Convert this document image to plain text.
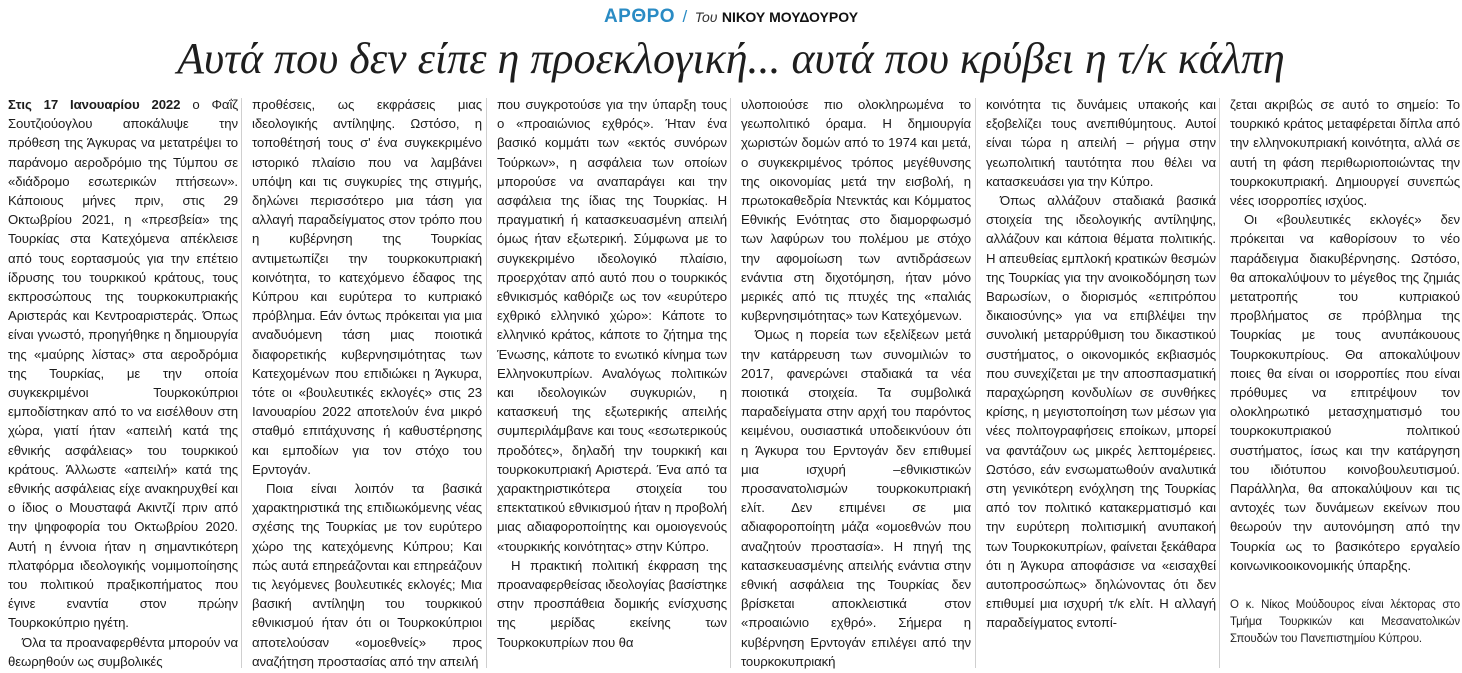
ΑΡΘΡΟ / Του ΝΙΚΟΥ ΜΟΥΔΟΥΡΟΥ
Αυτά που δεν είπε η προεκλογική... αυτά που κρύβει η τ/κ κάλπη

Στις 17 Ιανουαρίου 2022 ο Φαΐζ Σουτζιούογλου αποκάλυψε την πρόθεση της Άγκυρας να μετατρέψει το παράνομο αεροδρόμιο της Τύμπου σε «διάδρομο εσωτερικών πτήσεων». Κάποιους μήνες πριν, στις 29 Οκτωβρίου 2021, η «πρεσβεία» της Τουρκίας στα Κατεχόμενα απέκλεισε από τους εορτασμούς για την επέτειο ίδρυσης του τουρκικού κράτους, τους εκπροσώπους της τουρκοκυπριακής Αριστεράς και Κεντροαριστεράς. Όπως είναι γνωστό, προηγήθηκε η δημιουργία της «μαύρης λίστας» στα αεροδρόμια της Τουρκίας, με την οποία συγκεκριμένοι Τουρκοκύπριοι εμποδίστηκαν από το να εισέλθουν στη χώρα, γιατί ήταν «απειλή κατά της εθνικής ασφάλειας» του τουρκικού κράτους. Άλλωστε «απειλή» κατά της εθνικής ασφάλειας είχε ανακηρυχθεί και ο ίδιος ο Μουσταφά Ακιντζί πριν από την ψηφοφορία του Οκτωβρίου 2020. Αυτή η έννοια ήταν η σημαντικότερη πλατφόρμα ιδεολογικής νομιμοποίησης του πολιτικού πραξικοπήματος που έγινε εναντία στον πρώην Τουρκοκύπριο ηγέτη.

Όλα τα προαναφερθέντα μπορούν να θεωρηθούν ως συμβολικές

προθέσεις, ως εκφράσεις μιας ιδεολογικής αντίληψης. Ωστόσο, η τοποθέτησή τους σ' ένα συγκεκριμένο ιστορικό πλαίσιο που να λαμβάνει υπόψη και τις συγκυρίες της στιγμής, δηλώνει περισσότερο μια τάση για αλλαγή παραδείγματος στον τρόπο που η κυβέρνηση της Τουρκίας αντιμετωπίζει την τουρκοκυπριακή κοινότητα, το κατεχόμενο έδαφος της Κύπρου και ευρύτερα το κυπριακό πρόβλημα. Εάν όντως πρόκειται για μια αναδυόμενη τάση μιας ποιοτικά διαφορετικής κυβερνησιμότητας των Κατεχομένων που επιδιώκει η Άγκυρα, τότε οι «βουλευτικές εκλογές» στις 23 Ιανουαρίου 2022 αποτελούν ένα μικρό σταθμό επιτάχυνσης ή καθυστέρησης και εμποδίων για τον στόχο του Ερντογάν.

Ποια είναι λοιπόν τα βασικά χαρακτηριστικά της επιδιωκόμενης νέας σχέσης της Τουρκίας με τον ευρύτερο χώρο της κατεχόμενης Κύπρου; Και πώς αυτά επηρεάζονται και επηρεάζουν τις λεγόμενες βουλευτικές εκλογές; Μια βασική αντίληψη του τουρκικού εθνικισμού ήταν ότι οι Τουρκοκύπριοι αποτελούσαν «ομοεθνείς» προς αναζήτηση προστασίας από την απειλή

που συγκροτούσε για την ύπαρξη τους ο «προαιώνιος εχθρός». Ήταν ένα βασικό κομμάτι των «εκτός συνόρων Τούρκων», η ασφάλεια των οποίων μπορούσε να αναπαράγει και την ασφάλεια της ίδιας της Τουρκίας. Η πραγματική ή κατασκευασμένη απειλή όμως ήταν εξωτερική. Σύμφωνα με το συγκεκριμένο ιδεολογικό πλαίσιο, προερχόταν από αυτό που ο τουρκικός εθνικισμός καθόριζε ως τον «ευρύτερο εχθρικό ελληνικό χώρο»: Κάποτε το ελληνικό κράτος, κάποτε το ζήτημα της Ένωσης, κάποτε το ενωτικό κίνημα των Ελληνοκυπρίων. Αναλόγως πολιτικών και ιδεολογικών συγκυριών, η κατασκευή της εξωτερικής απειλής συμπεριλάμβανε και τους «εσωτερικούς προδότες», δηλαδή την τουρκική και τουρκοκυπριακή Αριστερά. Ένα από τα χαρακτηριστικότερα στοιχεία του επεκτατικού εθνικισμού ήταν η προβολή μιας αδιαφοροποίητης και ομοιογενούς «τουρκικής κοινότητας» στην Κύπρο.

Η πρακτική πολιτική έκφραση της προαναφερθείσας ιδεολογίας βασίστηκε στην προσπάθεια δομικής ενίσχυσης της μερίδας εκείνης των Τουρκοκυπρίων που θα

υλοποιούσε πιο ολοκληρωμένα το γεωπολιτικό όραμα. Η δημιουργία χωριστών δομών από το 1974 και μετά, ο συγκεκριμένος τρόπος μεγέθυνσης της οικονομίας μετά την εισβολή, η πρωτοκαθεδρία Ντενκτάς και Κόμματος Εθνικής Ενότητας στο διαμορφωσμό των λαφύρων του πολέμου με στόχο την αφομοίωση των αντιδράσεων ενάντια στη διχοτόμηση, ήταν μόνο μερικές από τις πτυχές της «παλιάς κυβερνησιμότητας» των Κατεχόμενων.

Όμως η πορεία των εξελίξεων μετά την κατάρρευση των συνομιλιών το 2017, φανερώνει σταδιακά τα νέα ποιοτικά στοιχεία. Τα συμβολικά παραδείγματα στην αρχή του παρόντος κειμένου, ουσιαστικά υποδεικνύουν ότι η Άγκυρα του Ερντογάν δεν επιθυμεί μια ισχυρή –εθνικιστικών προσανατολισμών τουρκοκυπριακή ελίτ. Δεν επιμένει σε μια αδιαφοροποίητη μάζα «ομοεθνών που αναζητούν προστασία». Η πηγή της κατασκευασμένης απειλής ενάντια στην εθνική ασφάλεια της Τουρκίας δεν βρίσκεται αποκλειστικά στον «προαιώνιο εχθρό». Σήμερα η κυβέρνηση Ερντογάν επιλέγει από την τουρκοκυπριακή

κοινότητα τις δυνάμεις υπακοής και εξοβελίζει τους ανεπιθύμητους. Αυτοί είναι τώρα η απειλή – ρήγμα στην γεωπολιτική ταυτότητα που θέλει να κατασκευάσει για την Κύπρο.

Όπως αλλάζουν σταδιακά βασικά στοιχεία της ιδεολογικής αντίληψης, αλλάζουν και κάποια θέματα πολιτικής. Η απευθείας εμπλοκή κρατικών θεσμών της Τουρκίας για την ανοικοδόμηση των Βαρωσίων, ο διορισμός «επιτρόπου δικαιοσύνης» για να επιβλέψει την συνολική μεταρρύθμιση του δικαστικού συστήματος, ο οικονομικός εκβιασμός που συνεχίζεται με την αποσπασματική παραχώρηση κονδυλίων σε συνθήκες κρίσης, η μεγιστοποίηση των μέσων για νέες πολιτογραφήσεις εποίκων, μπορεί να φαντάζουν ως μικρές λεπτομέρειες. Ωστόσο, εάν ενσωματωθούν αναλυτικά στη γενικότερη ενόχληση της Τουρκίας από τον πολιτικό κατακερματισμό και την ευρύτερη πολιτισμική ανυπακοή των Τουρκοκυπρίων, φαίνεται ξεκάθαρα ότι η Άγκυρα αποφάσισε να «εισαχθεί αυτοπροσώπως» δηλώνοντας ότι δεν επιθυμεί μια ισχυρή τ/κ ελίτ. Η αλλαγή παραδείγματος εντοπί-

ζεται ακριβώς σε αυτό το σημείο: Το τουρκικό κράτος μεταφέρεται δίπλα από την ελληνοκυπριακή κοινότητα, αλλά σε αυτή τη φάση περιθωριοποιώντας την τουρκοκυπριακή. Δημιουργεί συνεπώς νέες ισορροπίες ισχύος.

Οι «βουλευτικές εκλογές» δεν πρόκειται να καθορίσουν το νέο παράδειγμα διακυβέρνησης. Ωστόσο, θα αποκαλύψουν το μέγεθος της ζημιάς μετατροπής του κυπριακού προβλήματος σε πρόβλημα της Τουρκίας με τους ανυπάκουους Τουρκοκυπρίους. Θα αποκαλύψουν ποιες θα είναι οι ισορροπίες που είναι πρόθυμες να επιτρέψουν τον ολοκληρωτικό μετασχηματισμό του τουρκοκυπριακού πολιτικού συστήματος, ίσως και την κατάργηση του ιδιότυπου κοινοβουλευτισμού. Παράλληλα, θα αποκαλύψουν και τις αντοχές των δυνάμεων εκείνων που θεωρούν την αυτονόμηση από την Τουρκία ως το βασικότερο εργαλείο κοινωνικοοικονομικής ύπαρξης.

Ο κ. Νίκος Μούδουρος είναι λέκτορας στο Τμήμα Τουρκικών και Μεσανατολικών Σπουδών του Πανεπιστημίου Κύπρου.
